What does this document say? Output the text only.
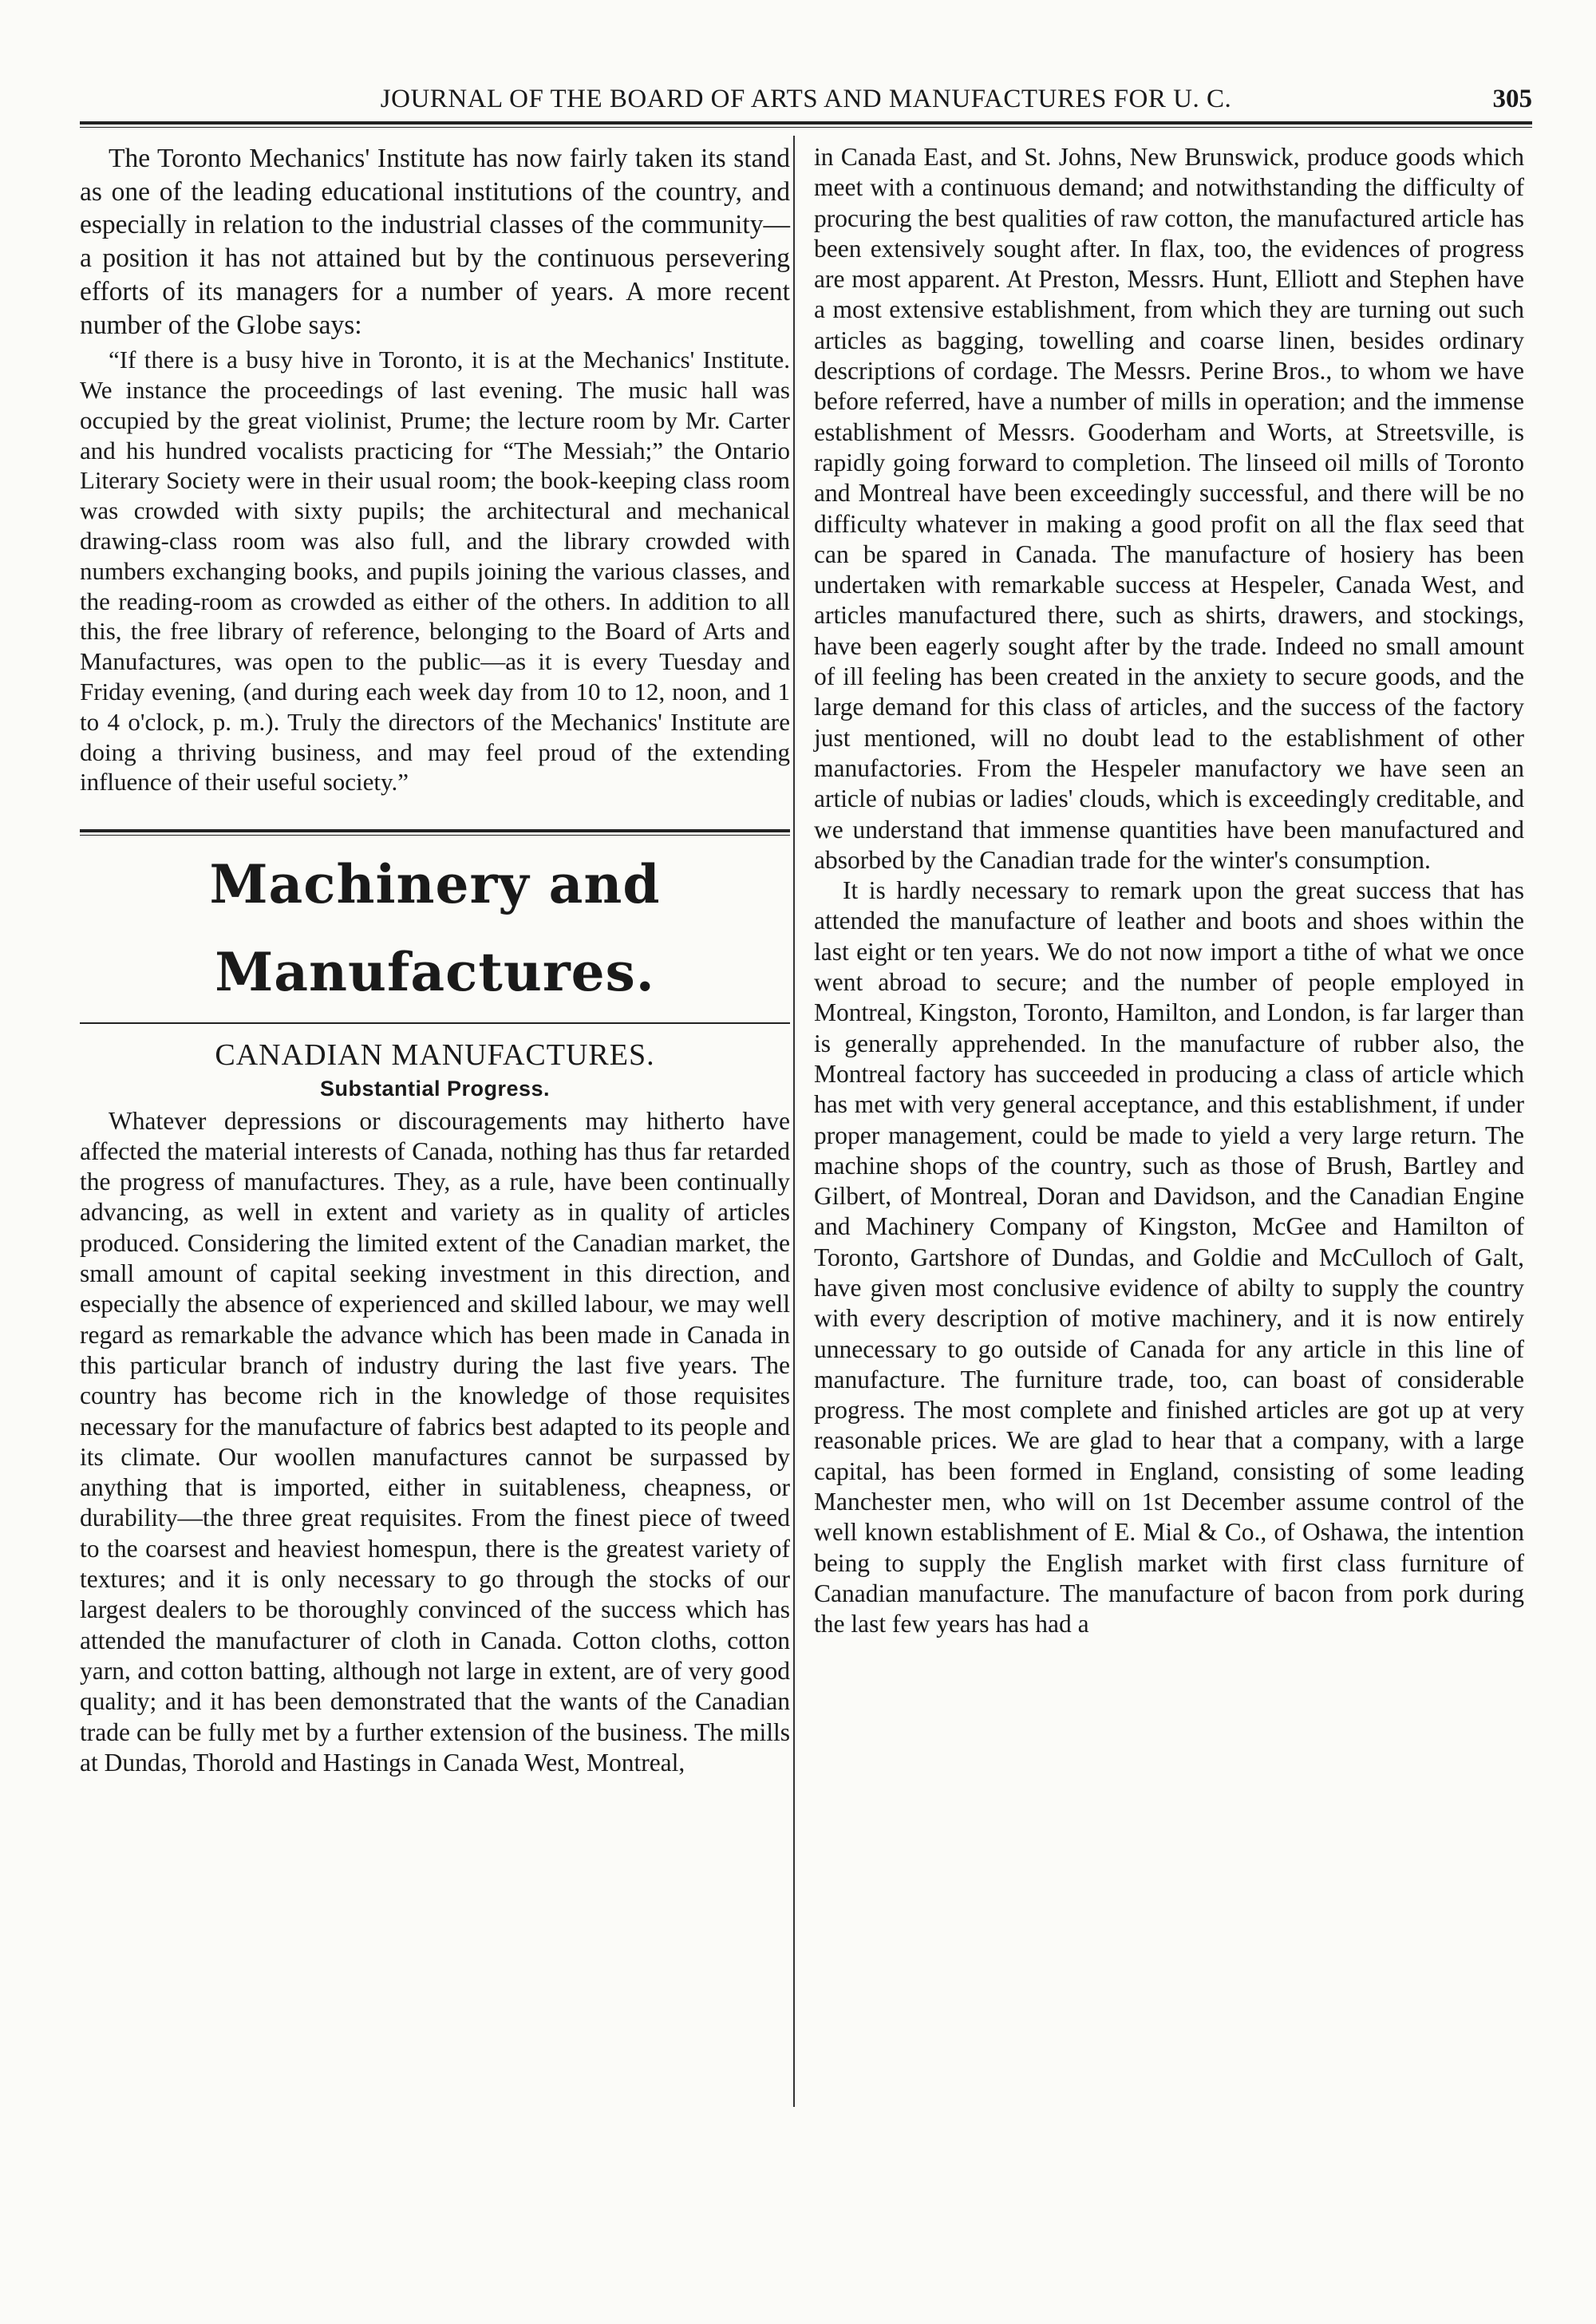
JOURNAL OF THE BOARD OF ARTS AND MANUFACTURES FOR U. C.	305

The Toronto Mechanics' Institute has now fairly taken its stand as one of the leading educational institutions of the country, and especially in relation to the industrial classes of the community—a position it has not attained but by the continuous persevering efforts of its managers for a number of years. A more recent number of the Globe says:

“If there is a busy hive in Toronto, it is at the Mechanics' Institute. We instance the proceedings of last evening. The music hall was occupied by the great violinist, Prume; the lecture room by Mr. Carter and his hundred vocalists practicing for “The Messiah;” the Ontario Literary Society were in their usual room; the book-keeping class room was crowded with sixty pupils; the architectural and mechanical drawing-class room was also full, and the library crowded with numbers exchanging books, and pupils joining the various classes, and the reading-room as crowded as either of the others. In addition to all this, the free library of reference, belonging to the Board of Arts and Manufactures, was open to the public—as it is every Tuesday and Friday evening, (and during each week day from 10 to 12, noon, and 1 to 4 o'clock, p. m.). Truly the directors of the Mechanics' Institute are doing a thriving business, and may feel proud of the extending influence of their useful society.”

Machinery and Manufactures.
CANADIAN MANUFACTURES.
Substantial Progress.

Whatever depressions or discouragements may hitherto have affected the material interests of Canada, nothing has thus far retarded the progress of manufactures. They, as a rule, have been continually advancing, as well in extent and variety as in quality of articles produced. Considering the limited extent of the Canadian market, the small amount of capital seeking investment in this direction, and especially the absence of experienced and skilled labour, we may well regard as remarkable the advance which has been made in Canada in this particular branch of industry during the last five years. The country has become rich in the knowledge of those requisites necessary for the manufacture of fabrics best adapted to its people and its climate. Our woollen manufactures cannot be surpassed by anything that is imported, either in suitableness, cheapness, or durability—the three great requisites. From the finest piece of tweed to the coarsest and heaviest homespun, there is the greatest variety of textures; and it is only necessary to go through the stocks of our largest dealers to be thoroughly convinced of the success which has attended the manufacturer of cloth in Canada. Cotton cloths, cotton yarn, and cotton batting, although not large in extent, are of very good quality; and it has been demonstrated that the wants of the Canadian trade can be fully met by a further extension of the business. The mills at Dundas, Thorold and Hastings in Canada West, Montreal,

in Canada East, and St. Johns, New Brunswick, produce goods which meet with a continuous demand; and notwithstanding the difficulty of procuring the best qualities of raw cotton, the manufactured article has been extensively sought after. In flax, too, the evidences of progress are most apparent. At Preston, Messrs. Hunt, Elliott and Stephen have a most extensive establishment, from which they are turning out such articles as bagging, towelling and coarse linen, besides ordinary descriptions of cordage. The Messrs. Perine Bros., to whom we have before referred, have a number of mills in operation; and the immense establishment of Messrs. Gooderham and Worts, at Streetsville, is rapidly going forward to completion. The linseed oil mills of Toronto and Montreal have been exceedingly successful, and there will be no difficulty whatever in making a good profit on all the flax seed that can be spared in Canada. The manufacture of hosiery has been undertaken with remarkable success at Hespeler, Canada West, and articles manufactured there, such as shirts, drawers, and stockings, have been eagerly sought after by the trade. Indeed no small amount of ill feeling has been created in the anxiety to secure goods, and the large demand for this class of articles, and the success of the factory just mentioned, will no doubt lead to the establishment of other manufactories. From the Hespeler manufactory we have seen an article of nubias or ladies' clouds, which is exceedingly creditable, and we understand that immense quantities have been manufactured and absorbed by the Canadian trade for the winter's consumption.

It is hardly necessary to remark upon the great success that has attended the manufacture of leather and boots and shoes within the last eight or ten years. We do not now import a tithe of what we once went abroad to secure; and the number of people employed in Montreal, Kingston, Toronto, Hamilton, and London, is far larger than is generally apprehended. In the manufacture of rubber also, the Montreal factory has succeeded in producing a class of article which has met with very general acceptance, and this establishment, if under proper management, could be made to yield a very large return. The machine shops of the country, such as those of Brush, Bartley and Gilbert, of Montreal, Doran and Davidson, and the Canadian Engine and Machinery Company of Kingston, McGee and Hamilton of Toronto, Gartshore of Dundas, and Goldie and McCulloch of Galt, have given most conclusive evidence of abilty to supply the country with every description of motive machinery, and it is now entirely unnecessary to go outside of Canada for any article in this line of manufacture. The furniture trade, too, can boast of considerable progress. The most complete and finished articles are got up at very reasonable prices. We are glad to hear that a company, with a large capital, has been formed in England, consisting of some leading Manchester men, who will on 1st December assume control of the well known establishment of E. Mial & Co., of Oshawa, the intention being to supply the English market with first class furniture of Canadian manufacture. The manufacture of bacon from pork during the last few years has had a
